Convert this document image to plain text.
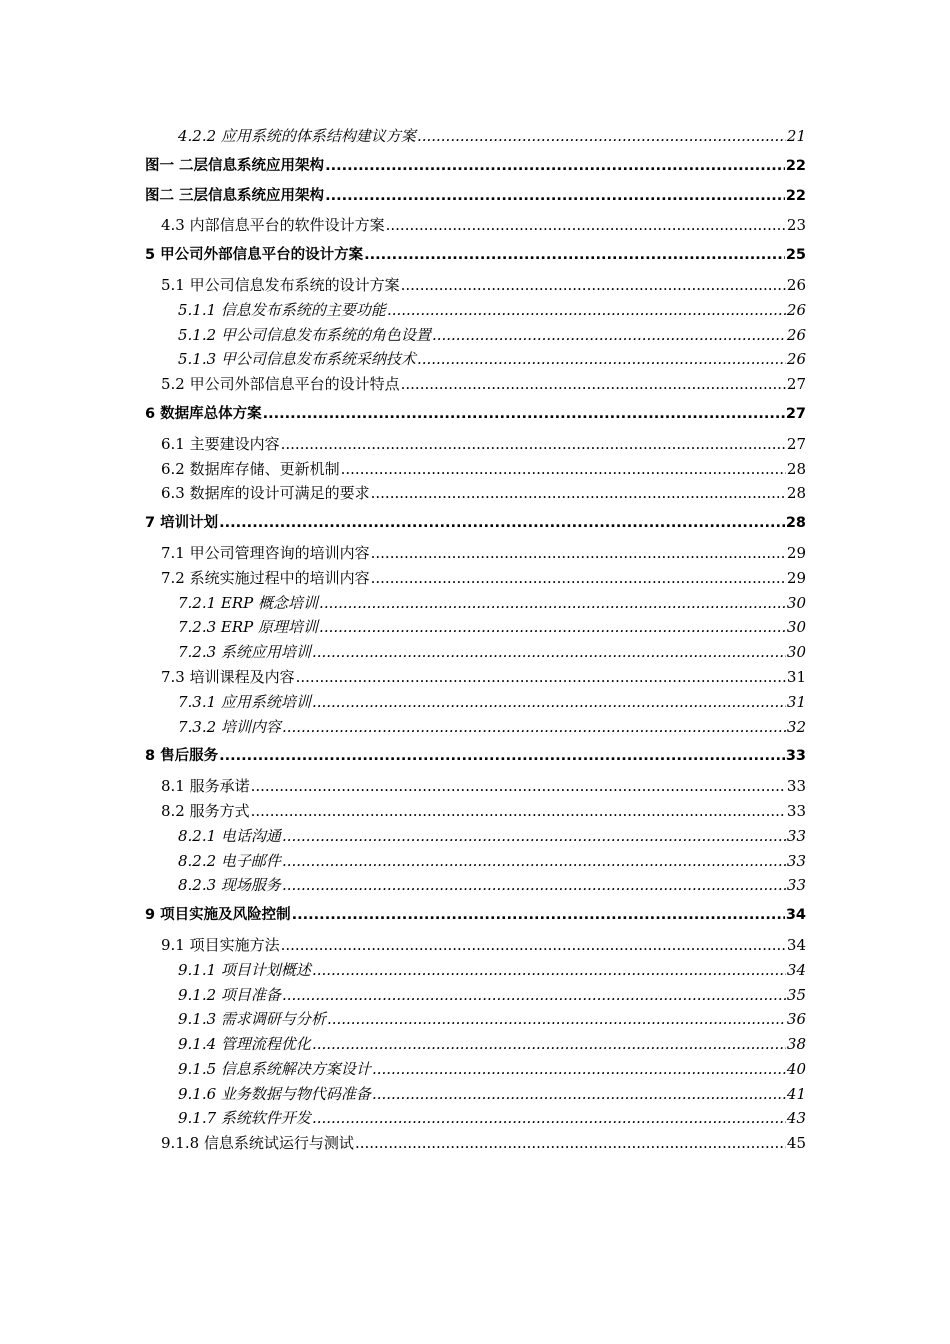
4.2.2 应用系统的体系结构建议方案 .....	21
图一 二层信息系统应用架构 .....	22
图二 三层信息系统应用架构 .....	22
4.3 内部信息平台的软件设计方案 .....	23
5 甲公司外部信息平台的设计方案 .....	25
5.1 甲公司信息发布系统的设计方案 .....	26
5.1.1 信息发布系统的主要功能 .....	26
5.1.2 甲公司信息发布系统的角色设置 .....	26
5.1.3 甲公司信息发布系统采纳技术 .....	26
5.2 甲公司外部信息平台的设计特点 .....	27
6 数据库总体方案 .....	27
6.1 主要建设内容 .....	27
6.2 数据库存储、更新机制 .....	28
6.3 数据库的设计可满足的要求 .....	28
7 培训计划 .....	28
7.1 甲公司管理咨询的培训内容 .....	29
7.2 系统实施过程中的培训内容 .....	29
7.2.1 ERP 概念培训 .....	30
7.2.3 ERP 原理培训 .....	30
7.2.3 系统应用培训 .....	30
7.3 培训课程及内容 .....	31
7.3.1 应用系统培训 .....	31
7.3.2 培训内容 .....	32
8 售后服务 .....	33
8.1 服务承诺 .....	33
8.2 服务方式 .....	33
8.2.1 电话沟通 .....	33
8.2.2 电子邮件 .....	33
8.2.3 现场服务 .....	33
9 项目实施及风险控制 .....	34
9.1 项目实施方法 .....	34
9.1.1 项目计划概述 .....	34
9.1.2 项目准备 .....	35
9.1.3 需求调研与分析 .....	36
9.1.4 管理流程优化 .....	38
9.1.5 信息系统解决方案设计 .....	40
9.1.6 业务数据与物代码准备 .....	41
9.1.7 系统软件开发 .....	43
9.1.8 信息系统试运行与测试 .....	45
